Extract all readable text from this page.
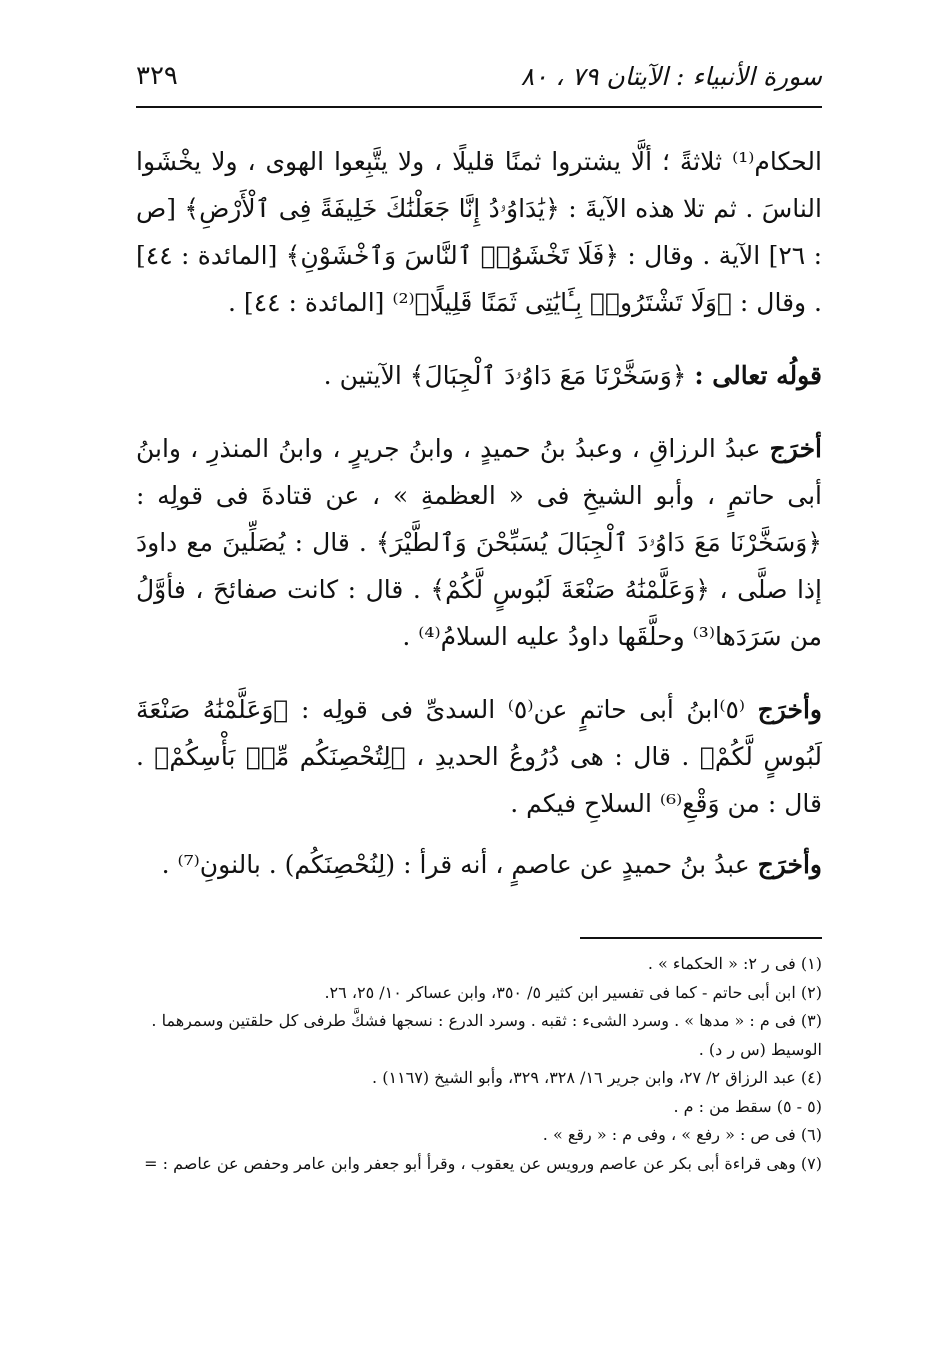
سورة الأنبياء : الآيتان ٧٩ ، ٨٠
٣٢٩

الحكام⁽¹⁾ ثلاثةً ؛ ألَّا يشتروا ثمنًا قليلًا ، ولا يتَّبِعوا الهوى ، ولا يخْشَوا الناسَ . ثم تلا هذه الآيةَ : ﴿يَٰدَاوُۥدُ إِنَّا جَعَلْنَٰكَ خَلِيفَةً فِى ٱلْأَرْضِ﴾ [ص : ٢٦] الآية . وقال : ﴿فَلَا تَخْشَوُا۟ ٱلنَّاسَ وَٱخْشَوْنِ﴾ [المائدة : ٤٤] . وقال : ﴿وَلَا تَشْتَرُوا۟ بِـَٔايَٰتِى ثَمَنًا قَلِيلًا﴾⁽²⁾ [المائدة : ٤٤] .

قولُه تعالى : ﴿وَسَخَّرْنَا مَعَ دَاوُۥدَ ٱلْجِبَالَ﴾ الآيتين .

أخرَج عبدُ الرزاقِ ، وعبدُ بنُ حميدٍ ، وابنُ جريرٍ ، وابنُ المنذرِ ، وابنُ أبى حاتمٍ ، وأبو الشيخِ فى « العظمةِ » ، عن قتادةَ فى قولِه : ﴿وَسَخَّرْنَا مَعَ دَاوُۥدَ ٱلْجِبَالَ يُسَبِّحْنَ وَٱلطَّيْرَ﴾ . قال : يُصَلِّينَ مع داودَ إذا صلَّى ، ﴿وَعَلَّمْنَٰهُ صَنْعَةَ لَبُوسٍ لَّكُمْ﴾ . قال : كانت صفائحَ ، فأوَّلُ من سَرَدَها⁽³⁾ وحلَّقَها داودُ عليه السلامُ⁽⁴⁾ .

وأخرَج ⁽٥⁾ابنُ أبى حاتمٍ عن⁽٥⁾ السدىِّ فى قولِه : ﴿وَعَلَّمْنَٰهُ صَنْعَةَ لَبُوسٍ لَّكُمْ﴾ . قال : هى دُرُوعُ الحديدِ ، ﴿لِتُحْصِنَكُم مِّنۢ بَأْسِكُمْ﴾ . قال : من وَقْعِ⁽⁶⁾ السلاحِ فيكم .

وأخرَج عبدُ بنُ حميدٍ عن عاصمٍ ، أنه قرأ : (لِنُحْصِنَكُم) . بالنونِ⁽⁷⁾ .

(١) فى ر ٢: « الحكماء » .
(٢) ابن أبى حاتم - كما فى تفسير ابن كثير ٥/ ٣٥٠، وابن عساكر ١٠/ ٢٥، ٢٦.
(٣) فى م : « مدها » . وسرد الشىء : ثقبه . وسرد الدرع : نسجها فشكَّ طرفى كل حلقتين وسمرهما . الوسيط (س ر د) .
(٤) عبد الرزاق ٢/ ٢٧، وابن جرير ١٦/ ٣٢٨، ٣٢٩، وأبو الشيخ (١١٦٧) .
(٥ - ٥) سقط من : م .
(٦) فى ص : « رفع » ، وفى م : « رقع » .
(٧) وهى قراءة أبى بكر عن عاصم ورويس عن يعقوب ، وقرأ أبو جعفر وابن عامر وحفص عن عاصم : =
